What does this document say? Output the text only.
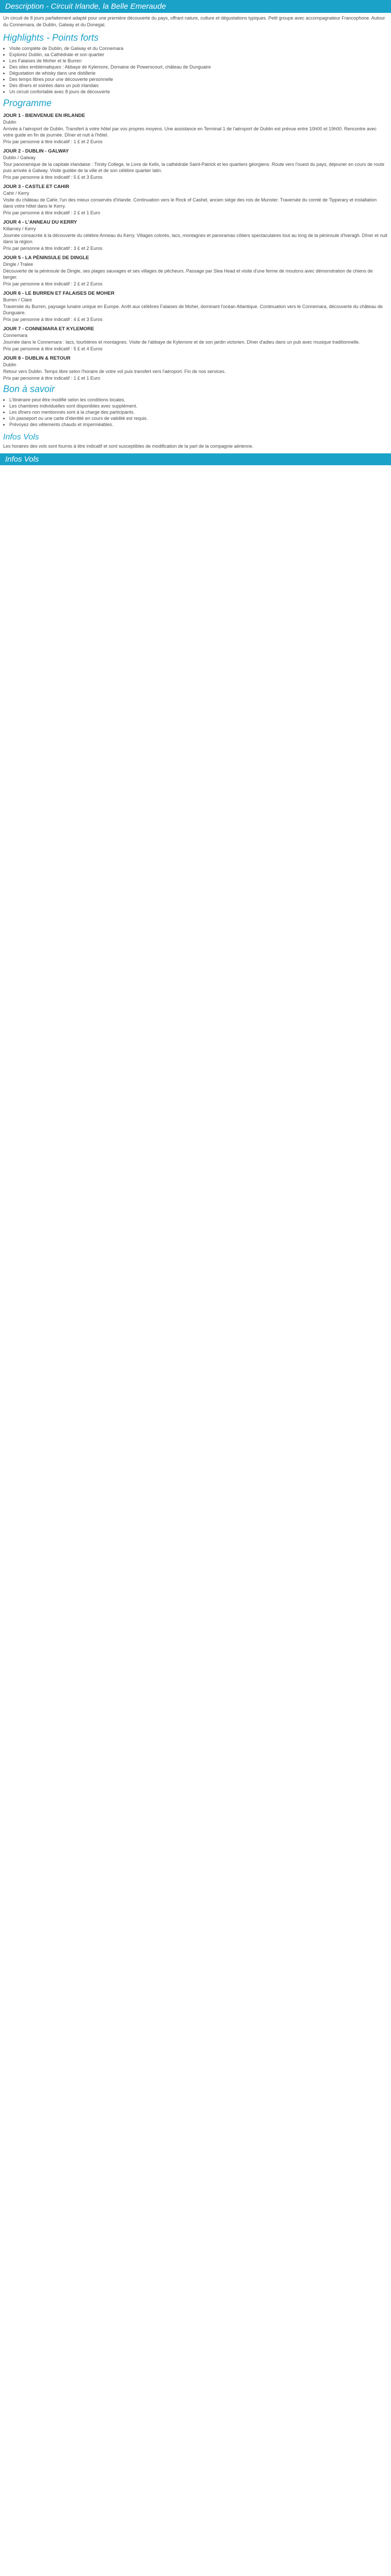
Description - Circuit Irlande, la Belle Emeraude

Un circuit de 8 jours parfaitement adapté pour une première découverte du pays, offrant nature, culture et dégustations typiques. Petit groupe avec accompagnateur Francophone. Autour du Connemara, de Dublin, Galway et du Donegal.

Highlights - Points forts
• Visite complète de Dublin, de Galway et du Connemara
• Explorez Dublin, sa Cathédrale et son quartier
• Les Falaises de Moher et le Burren
• Des sites emblématiques : Abbaye de Kylemore, Domaine de Powerscourt, château de Dunguaire
• Dégustation de whisky dans une distillerie
• Des temps libres pour une découverte personnelle
• Des dîners et soirées dans un pub irlandais
• Un circuit confortable avec 8 jours de découverte
Programme
JOUR 1 - BIENVENUE EN IRLANDE
Dublin

Arrivée à l'aéroport de Dublin. Transfert à votre hôtel par vos propres moyens. Une assistance en Terminal 1 de l'aéroport de Dublin est prévue entre 10h00 et 19h00. Rencontre avec votre guide en fin de journée. Dîner et nuit à l'hôtel.

Prix par personne à titre indicatif : 1 £ et 2 Euros
JOUR 2 - DUBLIN - GALWAY
Dublin / Galway

Tour panoramique de la capitale irlandaise : Trinity College, le Livre de Kells, la cathédrale Saint-Patrick et les quartiers géorgiens. Route vers l'ouest du pays, déjeuner en cours de route puis arrivée à Galway. Visite guidée de la ville et de son célèbre quartier latin.

Prix par personne à titre indicatif : 5 £ et 3 Euros
JOUR 3 - CASTLE ET CAHIR
Cahir / Kerry

Visite du château de Cahir, l'un des mieux conservés d'Irlande. Continuation vers le Rock of Cashel, ancien siège des rois de Munster. Traversée du comté de Tipperary et installation dans votre hôtel dans le Kerry.

Prix par personne à titre indicatif : 2 £ et 1 Euro
JOUR 4 - L'ANNEAU DU KERRY
Killarney / Kerry

Journée consacrée à la découverte du célèbre Anneau du Kerry. Villages colorés, lacs, montagnes et panoramas côtiers spectaculaires tout au long de la péninsule d'Iveragh. Dîner et nuit dans la région.

Prix par personne à titre indicatif : 3 £ et 2 Euros
JOUR 5 - LA PÉNINSULE DE DINGLE
Dingle / Tralee

Découverte de la péninsule de Dingle, ses plages sauvages et ses villages de pêcheurs. Passage par Slea Head et visite d'une ferme de moutons avec démonstration de chiens de berger.

Prix par personne à titre indicatif : 2 £ et 2 Euros
JOUR 6 - LE BURREN ET FALAISES DE MOHER
Burren / Clare

Traversée du Burren, paysage lunaire unique en Europe. Arrêt aux célèbres Falaises de Moher, dominant l'océan Atlantique. Continuation vers le Connemara, découverte du château de Dunguaire.

Prix par personne à titre indicatif : 4 £ et 3 Euros
JOUR 7 - CONNEMARA ET KYLEMORE
Connemara

Journée dans le Connemara : lacs, tourbières et montagnes. Visite de l'abbaye de Kylemore et de son jardin victorien. Dîner d'adieu dans un pub avec musique traditionnelle.

Prix par personne à titre indicatif : 5 £ et 4 Euros
JOUR 8 - DUBLIN & RETOUR
Dublin

Retour vers Dublin. Temps libre selon l'horaire de votre vol puis transfert vers l'aéroport. Fin de nos services.

Prix par personne à titre indicatif : 1 £ et 1 Euro
Bon à savoir
• L'itinéraire peut être modifié selon les conditions locales.
• Les chambres individuelles sont disponibles avec supplément.
• Les dîners non mentionnés sont à la charge des participants.
• Un passeport ou une carte d'identité en cours de validité est requis.
• Prévoyez des vêtements chauds et imperméables.
Infos Vols

Les horaires des vols sont fournis à titre indicatif et sont susceptibles de modification de la part de la compagnie aérienne.

Infos Vols
